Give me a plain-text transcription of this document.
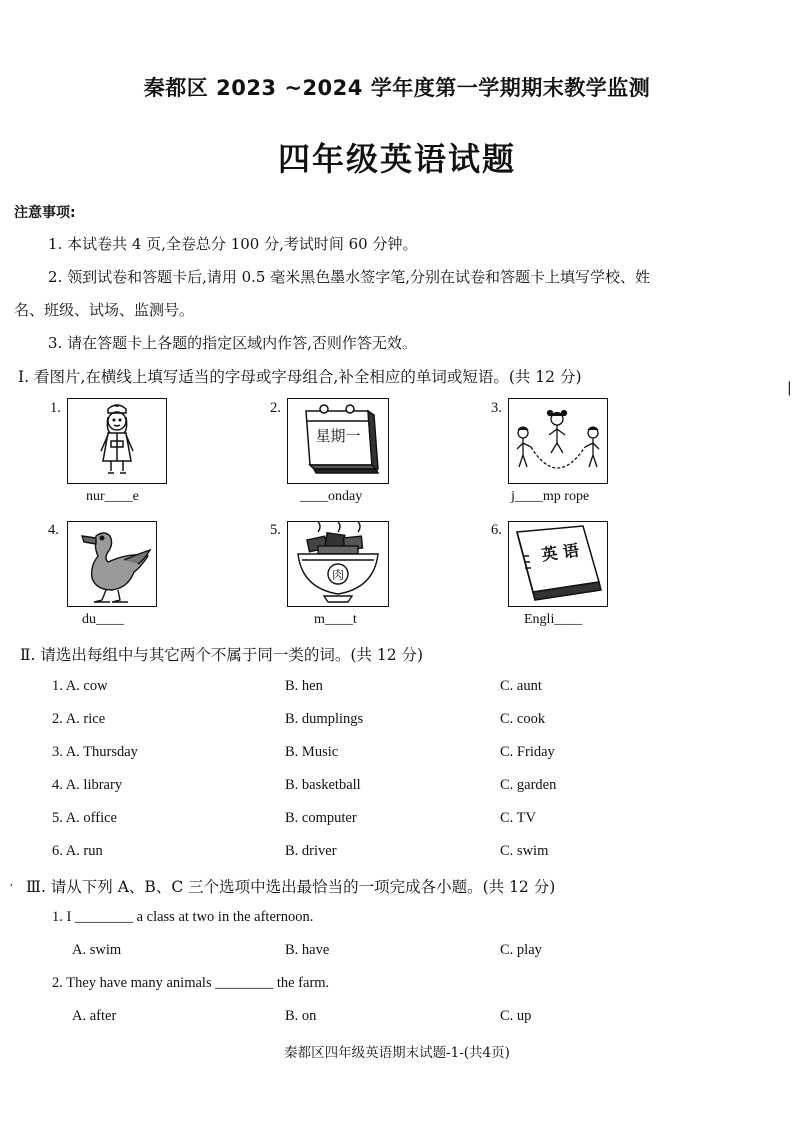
秦都区 2023 ~2024 学年度第一学期期末教学监测
四年级英语试题
注意事项:
1. 本试卷共 4 页,全卷总分 100 分,考试时间 60 分钟。
2. 领到试卷和答题卡后,请用 0.5 毫米黑色墨水签字笔,分别在试卷和答题卡上填写学校、姓
名、班级、试场、监测号。
3. 请在答题卡上各题的指定区域内作答,否则作答无效。
Ⅰ. 看图片,在横线上填写适当的字母或字母组合,补全相应的单词或短语。(共 12 分)
|
1.
nur____e
2.
星期一
____onday
3.
j____mp rope
4.
du____
5.
肉
m____t
6.
英 语
Engli____
Ⅱ. 请选出每组中与其它两个不属于同一类的词。(共 12 分)
1. A. cow	B. hen	C. aunt
2. A. rice	B. dumplings	C. cook
3. A. Thursday	B. Music	C. Friday
4. A. library	B. basketball	C. garden
5. A. office	B. computer	C. TV
6. A. run	B. driver	C. swim
, Ⅲ. 请从下列 A、B、C 三个选项中选出最恰当的一项完成各小题。(共 12 分)
1. I ________ a class at two in the afternoon.
A. swim	B. have	C. play
2. They have many animals ________ the farm.
A. after	B. on	C. up
秦都区四年级英语期末试题-1-(共4页)
